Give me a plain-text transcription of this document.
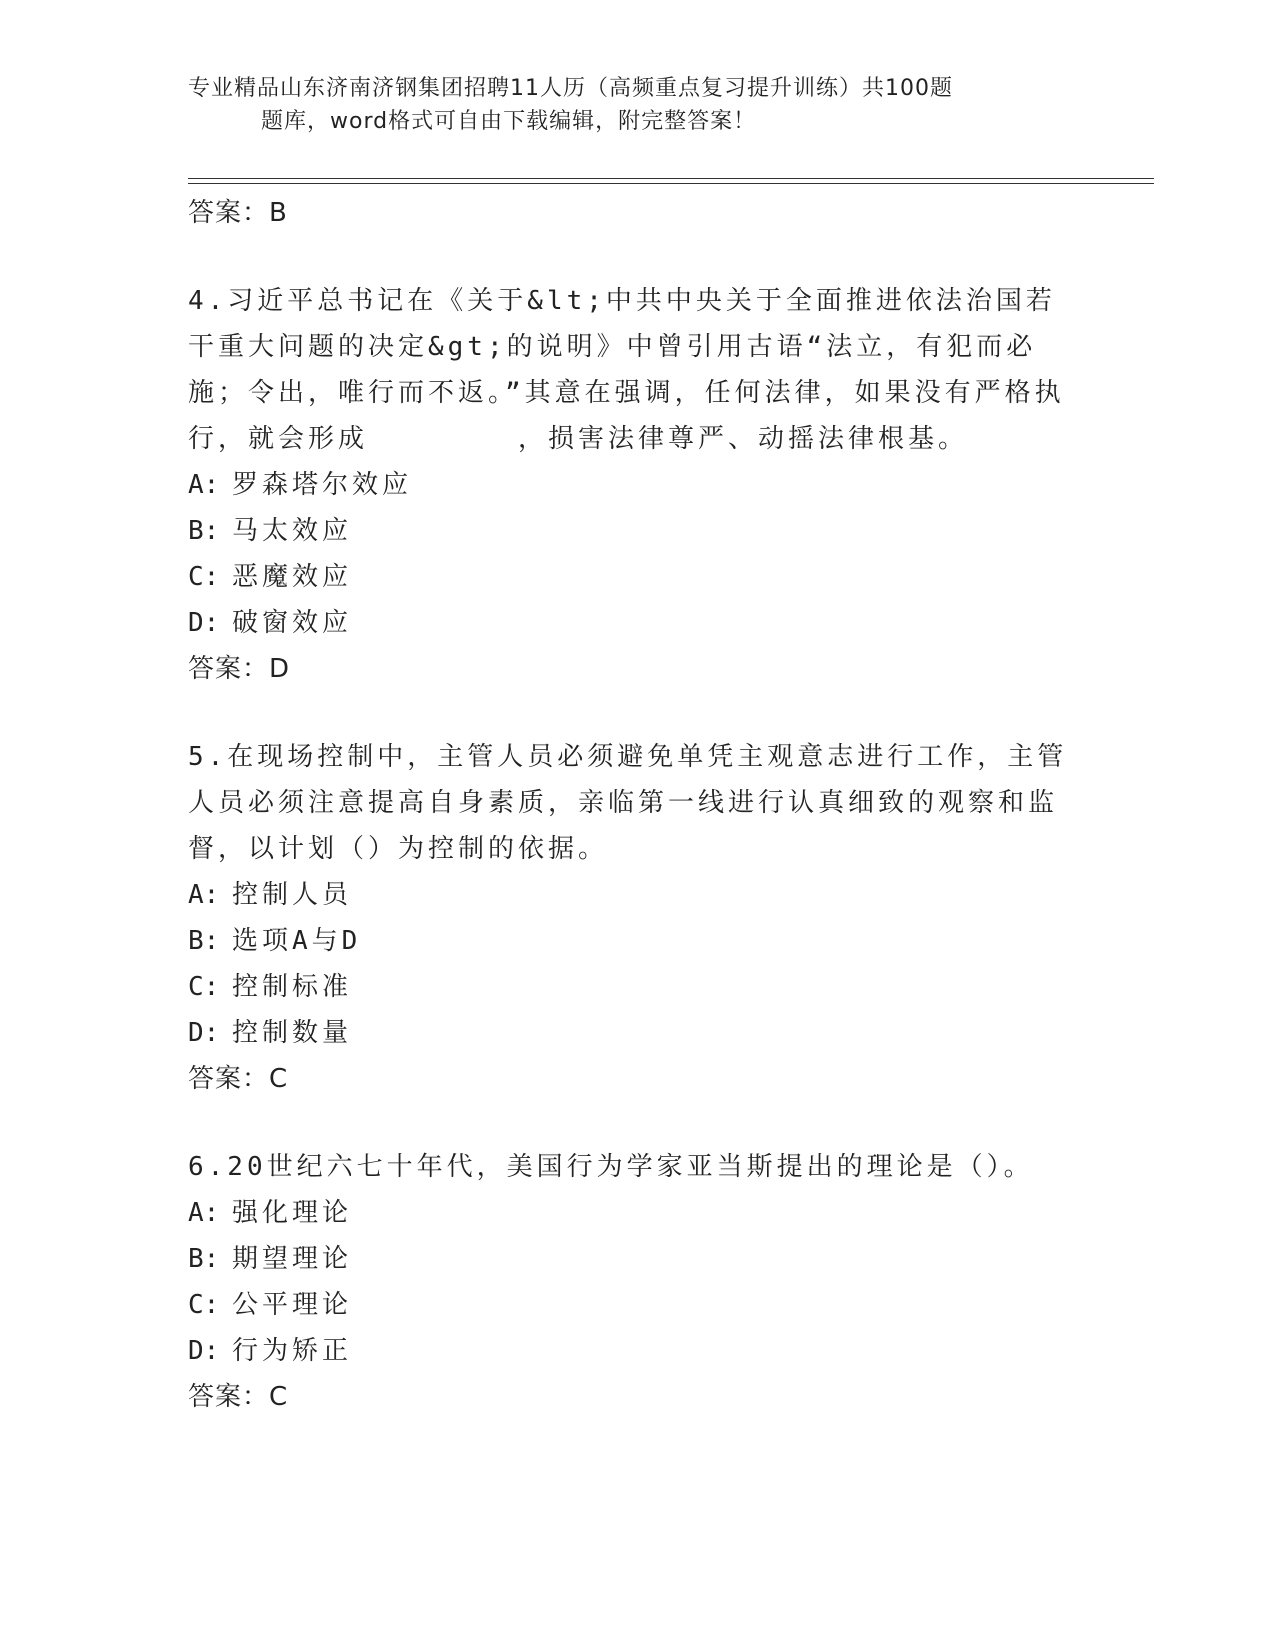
专业精品山东济南济钢集团招聘11人历（高频重点复习提升训练）共100题
题库，word格式可自由下载编辑，附完整答案！
答案：B
4.习近平总书记在《关于&lt;中共中央关于全面推进依法治国若干重大问题的决定&gt;的说明》中曾引用古语“法立，有犯而必施；令出，唯行而不返。”其意在强调，任何法律，如果没有严格执行，就会形成	，损害法律尊严、动摇法律根基。
A: 罗森塔尔效应
B: 马太效应
C: 恶魔效应
D: 破窗效应
答案：D
5.在现场控制中，主管人员必须避免单凭主观意志进行工作，主管人员必须注意提高自身素质，亲临第一线进行认真细致的观察和监督，以计划（）为控制的依据。
A: 控制人员
B: 选项A与D
C: 控制标准
D: 控制数量
答案：C
6.20世纪六七十年代，美国行为学家亚当斯提出的理论是（）。
A: 强化理论
B: 期望理论
C: 公平理论
D: 行为矫正
答案：C
